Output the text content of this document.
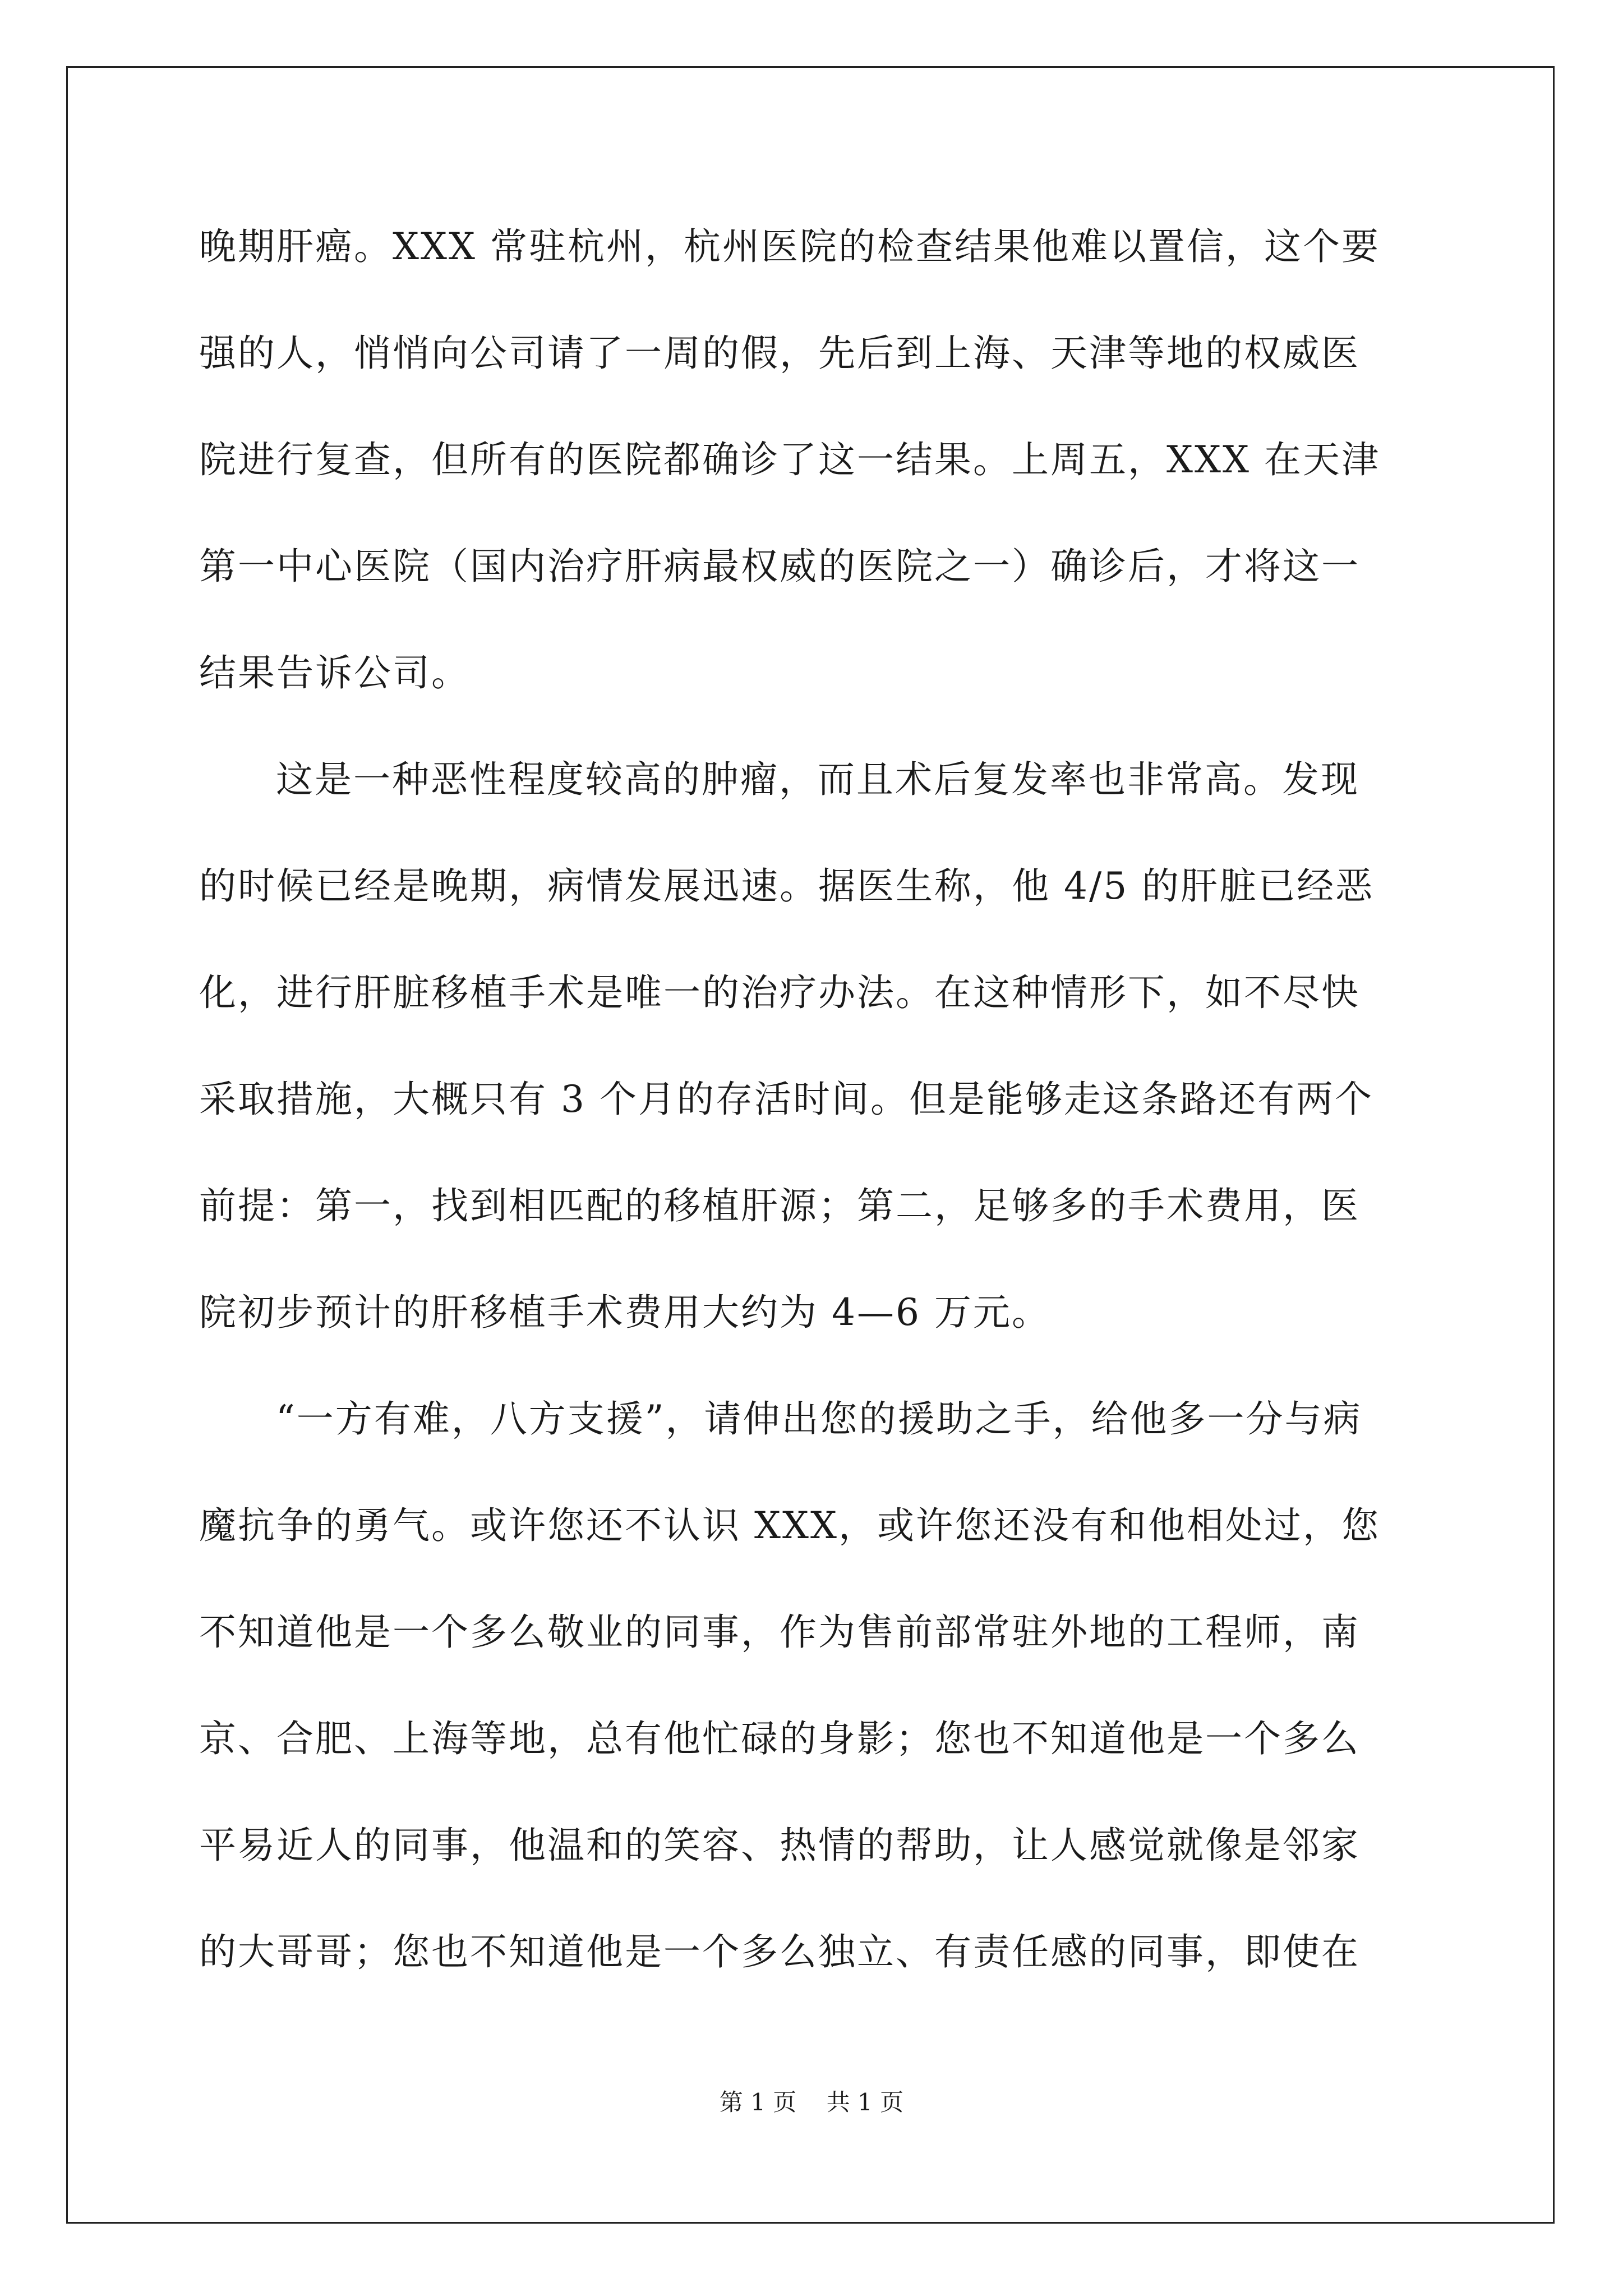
晚期肝癌。XXX 常驻杭州，杭州医院的检查结果他难以置信，这个要
强的人，悄悄向公司请了一周的假，先后到上海、天津等地的权威医
院进行复查，但所有的医院都确诊了这一结果。上周五，XXX 在天津
第一中心医院（国内治疗肝病最权威的医院之一）确诊后，才将这一
结果告诉公司。
这是一种恶性程度较高的肿瘤，而且术后复发率也非常高。发现
的时候已经是晚期，病情发展迅速。据医生称，他 4/5 的肝脏已经恶
化，进行肝脏移植手术是唯一的治疗办法。在这种情形下，如不尽快
采取措施，大概只有 3 个月的存活时间。但是能够走这条路还有两个
前提：第一，找到相匹配的移植肝源；第二，足够多的手术费用，医
院初步预计的肝移植手术费用大约为 4—6 万元。
“一方有难，八方支援”，请伸出您的援助之手，给他多一分与病
魔抗争的勇气。或许您还不认识 XXX，或许您还没有和他相处过，您
不知道他是一个多么敬业的同事，作为售前部常驻外地的工程师，南
京、合肥、上海等地，总有他忙碌的身影；您也不知道他是一个多么
平易近人的同事，他温和的笑容、热情的帮助，让人感觉就像是邻家
的大哥哥；您也不知道他是一个多么独立、有责任感的同事，即使在
第 1 页    共 1 页
